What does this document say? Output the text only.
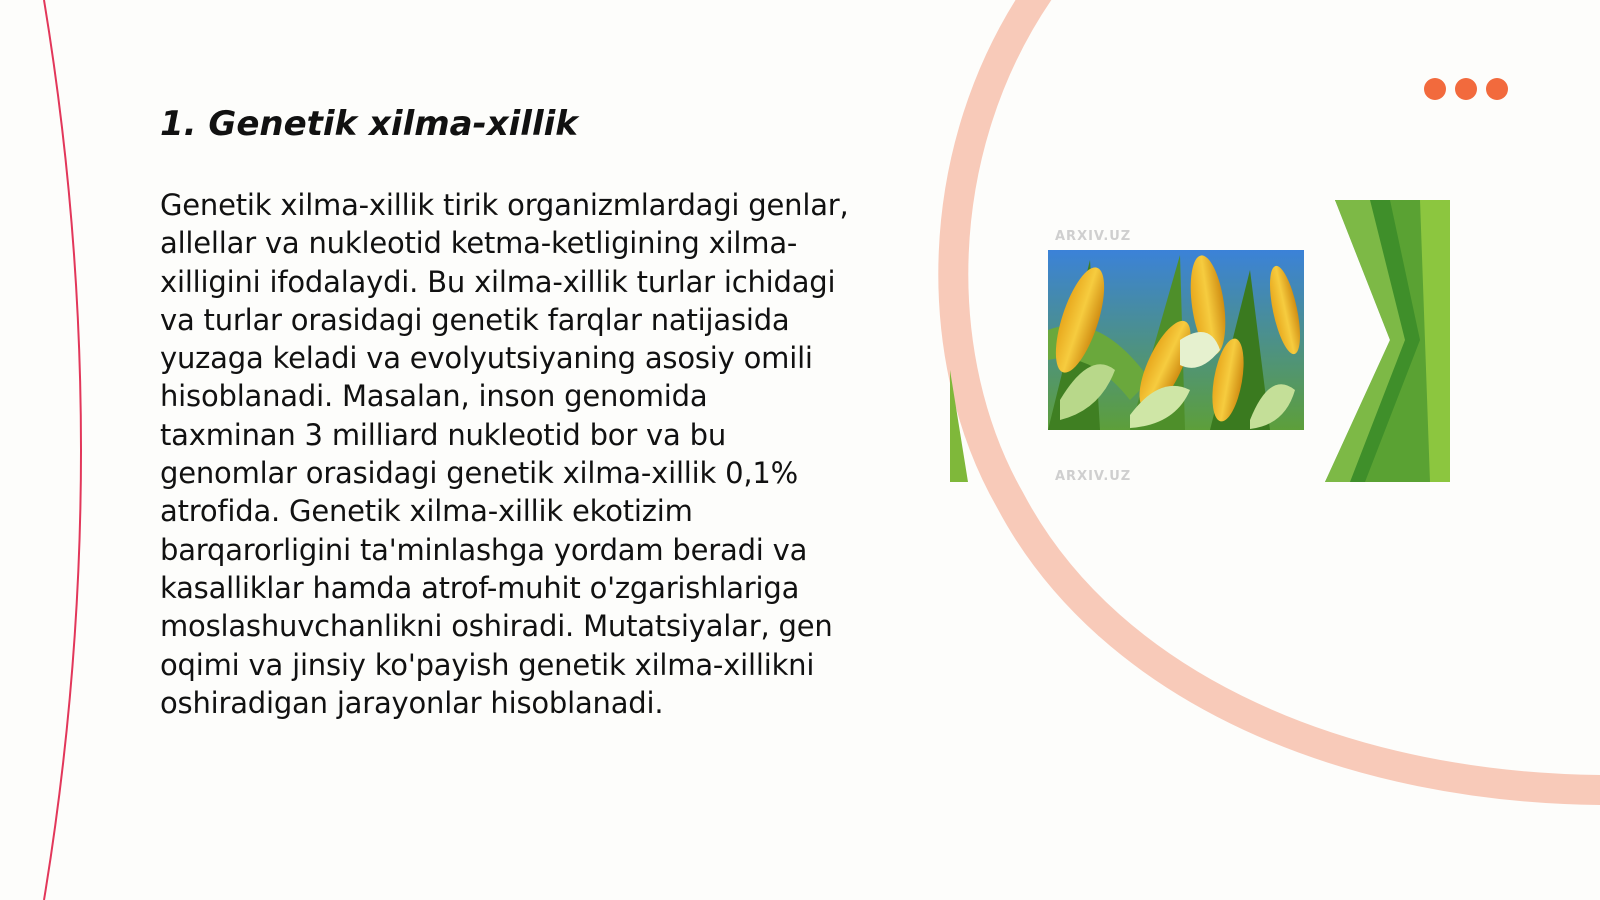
1. Genetik xilma-xillik

Genetik xilma-xillik tirik organizmlardagi genlar, allellar va nukleotid ketma-ketligining xilma-xilligini ifodalaydi. Bu xilma-xillik turlar ichidagi va turlar orasidagi genetik farqlar natijasida yuzaga keladi va evolyutsiyaning asosiy omili hisoblanadi. Masalan, inson genomida taxminan 3 milliard nukleotid bor va bu genomlar orasidagi genetik xilma-xillik 0,1% atrofida. Genetik xilma-xillik ekotizim barqarorligini ta'minlashga yordam beradi va kasalliklar hamda atrof-muhit o'zgarishlariga moslashuvchanlikni oshiradi. Mutatsiyalar, gen oqimi va jinsiy ko'payish genetik xilma-xillikni oshiradigan jarayonlar hisoblanadi.

ARXIV.UZ
ARXIV.UZ
